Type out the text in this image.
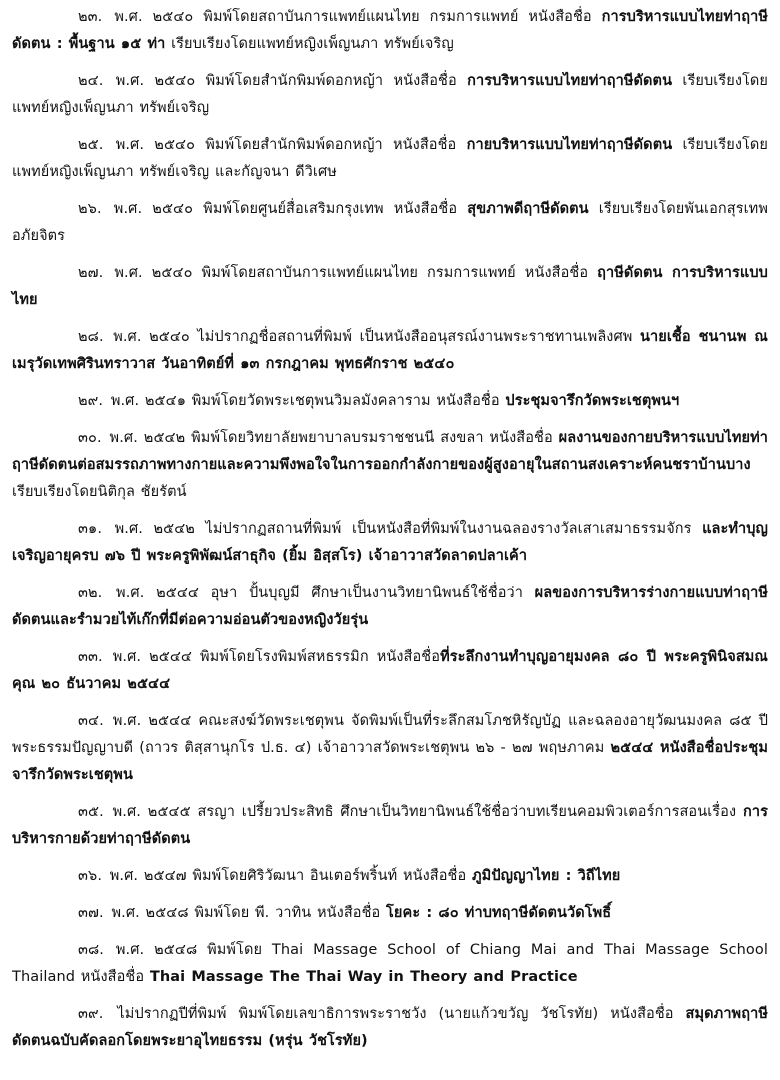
๒๓. พ.ศ. ๒๕๔๐ พิมพ์โดยสถาบันการแพทย์แผนไทย กรมการแพทย์ หนังสือชื่อ การบริหารแบบไทยท่าฤาษีดัดตน : พื้นฐาน ๑๕ ท่า เรียบเรียงโดยแพทย์หญิงเพ็ญนภา ทรัพย์เจริญ

๒๔. พ.ศ. ๒๕๔๐ พิมพ์โดยสำนักพิมพ์ดอกหญ้า หนังสือชื่อ การบริหารแบบไทยท่าฤาษีดัดตน เรียบเรียงโดยแพทย์หญิงเพ็ญนภา ทรัพย์เจริญ

๒๕. พ.ศ. ๒๕๔๐ พิมพ์โดยสำนักพิมพ์ดอกหญ้า หนังสือชื่อ กายบริหารแบบไทยท่าฤาษีดัดตน เรียบเรียงโดยแพทย์หญิงเพ็ญนภา ทรัพย์เจริญ และกัญจนา ดีวิเศษ

๒๖. พ.ศ. ๒๕๔๐ พิมพ์โดยศูนย์สื่อเสริมกรุงเทพ หนังสือชื่อ สุขภาพดีฤาษีดัดตน เรียบเรียงโดยพันเอกสุรเทพ อภัยจิตร

๒๗. พ.ศ. ๒๕๔๐ พิมพ์โดยสถาบันการแพทย์แผนไทย กรมการแพทย์ หนังสือชื่อ ฤาษีดัดตน การบริหารแบบไทย

๒๘. พ.ศ. ๒๕๔๐ ไม่ปรากฏชื่อสถานที่พิมพ์ เป็นหนังสืออนุสรณ์งานพระราชทานเพลิงศพ นายเชื้อ ชนานพ ณ เมรุวัดเทพศิรินทราวาส วันอาทิตย์ที่ ๑๓ กรกฎาคม พุทธศักราช ๒๕๔๐

๒๙. พ.ศ. ๒๕๔๑ พิมพ์โดยวัดพระเชตุพนวิมลมังคลาราม หนังสือชื่อ ประชุมจารึกวัดพระเชตุพนฯ

๓๐. พ.ศ. ๒๕๔๒ พิมพ์โดยวิทยาลัยพยาบาลบรมราชชนนี สงขลา หนังสือชื่อ ผลงานของกายบริหารแบบไทยท่าฤาษีดัดตนต่อสมรรถภาพทางกายและความพึงพอใจในการออกกำลังกายของผู้สูงอายุในสถานสงเคราะห์คนชราบ้านบาง เรียบเรียงโดยนิติกุล ชัยรัตน์

๓๑. พ.ศ. ๒๕๔๒ ไม่ปรากฏสถานที่พิมพ์ เป็นหนังสือที่พิมพ์ในงานฉลองรางวัลเสาเสมาธรรมจักร และทำบุญเจริญอายุครบ ๗๖ ปี พระครูพิพัฒน์สาธุกิจ (ยิ้ม อิสฺสโร) เจ้าอาวาสวัดลาดปลาเค้า

๓๒. พ.ศ. ๒๕๔๔ อุษา ปั้นบุญมี ศึกษาเป็นงานวิทยานิพนธ์ใช้ชื่อว่า ผลของการบริหารร่างกายแบบท่าฤาษีดัดตนและรำมวยไท้เก๊กที่มีต่อความอ่อนตัวของหญิงวัยรุ่น

๓๓. พ.ศ. ๒๕๔๔ พิมพ์โดยโรงพิมพ์สหธรรมิก หนังสือชื่อที่ระลึกงานทำบุญอายุมงคล ๘๐ ปี พระครูพินิจสมณคุณ ๒๐ ธันวาคม ๒๕๔๔

๓๔. พ.ศ. ๒๕๔๔ คณะสงฆ์วัดพระเชตุพน จัดพิมพ์เป็นที่ระลึกสมโภชหิรัญบัฏ และฉลองอายุวัฒนมงคล ๘๕ ปี พระธรรมปัญญาบดี (ถาวร ติสฺสานุกโร ป.ธ. ๔) เจ้าอาวาสวัดพระเชตุพน ๒๖ - ๒๗ พฤษภาคม ๒๕๔๔ หนังสือชื่อประชุมจารึกวัดพระเชตุพน

๓๕. พ.ศ. ๒๕๔๕ สรญา เปรี้ยวประสิทธิ ศึกษาเป็นวิทยานิพนธ์ใช้ชื่อว่าบทเรียนคอมพิวเตอร์การสอนเรื่อง การบริหารกายด้วยท่าฤาษีดัดตน

๓๖. พ.ศ. ๒๕๔๗ พิมพ์โดยศิริวัฒนา อินเตอร์พริ้นท์ หนังสือชื่อ ภูมิปัญญาไทย : วิถีไทย

๓๗. พ.ศ. ๒๕๔๘ พิมพ์โดย พี. วาทิน หนังสือชื่อ โยคะ : ๘๐ ท่าบทฤาษีดัดตนวัดโพธิ์

๓๘. พ.ศ. ๒๕๔๘ พิมพ์โดย Thai Massage School of Chiang Mai and Thai Massage School Thailand หนังสือชื่อ Thai Massage The Thai Way in Theory and Practice

๓๙. ไม่ปรากฏปีที่พิมพ์ พิมพ์โดยเลขาธิการพระราชวัง (นายแก้วขวัญ วัชโรทัย) หนังสือชื่อ สมุดภาพฤาษีดัดตนฉบับคัดลอกโดยพระยาอุไทยธรรม (หรุ่น วัชโรทัย)
